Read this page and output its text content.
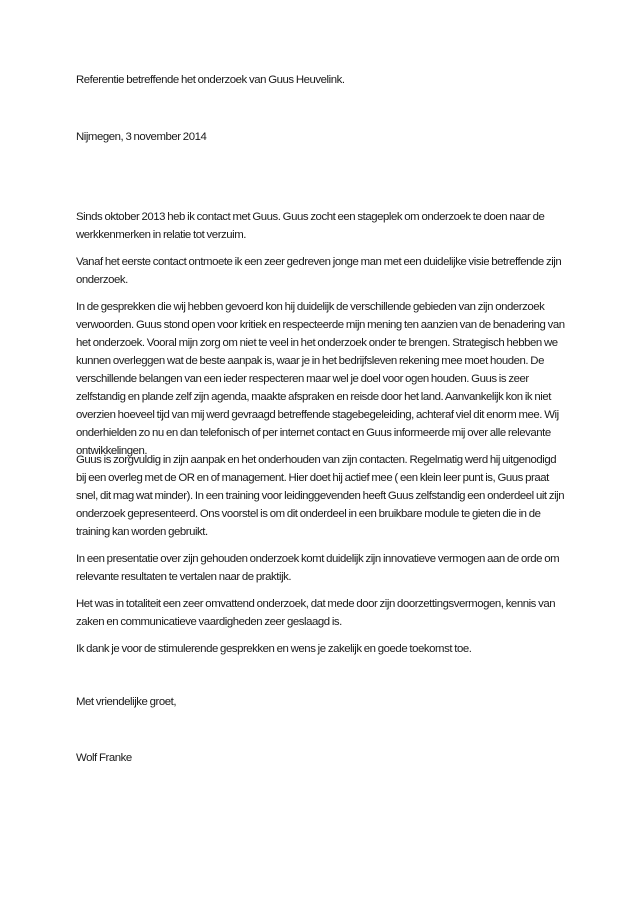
Referentie betreffende het onderzoek van Guus Heuvelink.
Nijmegen, 3 november 2014

Sinds oktober 2013 heb ik contact met Guus. Guus zocht een stageplek om onderzoek te doen naar de werkkenmerken in relatie tot verzuim.

Vanaf het eerste contact ontmoete ik een zeer gedreven jonge man met een duidelijke visie betreffende zijn onderzoek.

In de gesprekken die wij hebben gevoerd kon hij duidelijk de verschillende gebieden van zijn onderzoek verwoorden. Guus stond open voor kritiek en respecteerde mijn mening ten aanzien van de benadering van het onderzoek. Vooral mijn zorg om niet te veel in het onderzoek onder te brengen. Strategisch hebben we kunnen overleggen wat de beste aanpak is, waar je in het bedrijfsleven rekening mee moet houden. De verschillende belangen van een ieder respecteren maar wel je doel voor ogen houden. Guus is zeer zelfstandig en plande zelf zijn agenda, maakte afspraken en reisde door het land. Aanvankelijk kon ik niet overzien hoeveel tijd van mij werd gevraagd betreffende stagebegeleiding, achteraf viel dit enorm mee. Wij onderhielden zo nu en dan telefonisch of per internet contact en Guus informeerde mij over alle relevante ontwikkelingen.

Guus is zorgvuldig in zijn aanpak en het onderhouden van zijn contacten. Regelmatig werd hij uitgenodigd bij een overleg met de OR en of management. Hier doet hij actief mee ( een klein leer punt is, Guus praat snel, dit mag wat minder). In een training voor leidinggevenden heeft Guus zelfstandig een onderdeel uit zijn onderzoek gepresenteerd. Ons voorstel is om dit onderdeel in een bruikbare module te gieten die in de training kan worden gebruikt.

In een presentatie over zijn gehouden onderzoek komt duidelijk zijn innovatieve vermogen aan de orde om relevante resultaten te vertalen naar de praktijk.

Het was in totaliteit een zeer omvattend onderzoek, dat mede door zijn doorzettingsvermogen, kennis van zaken en communicatieve vaardigheden zeer geslaagd is.

Ik dank je voor de stimulerende gesprekken en wens je zakelijk en goede toekomst toe.

Met vriendelijke groet,
Wolf Franke
